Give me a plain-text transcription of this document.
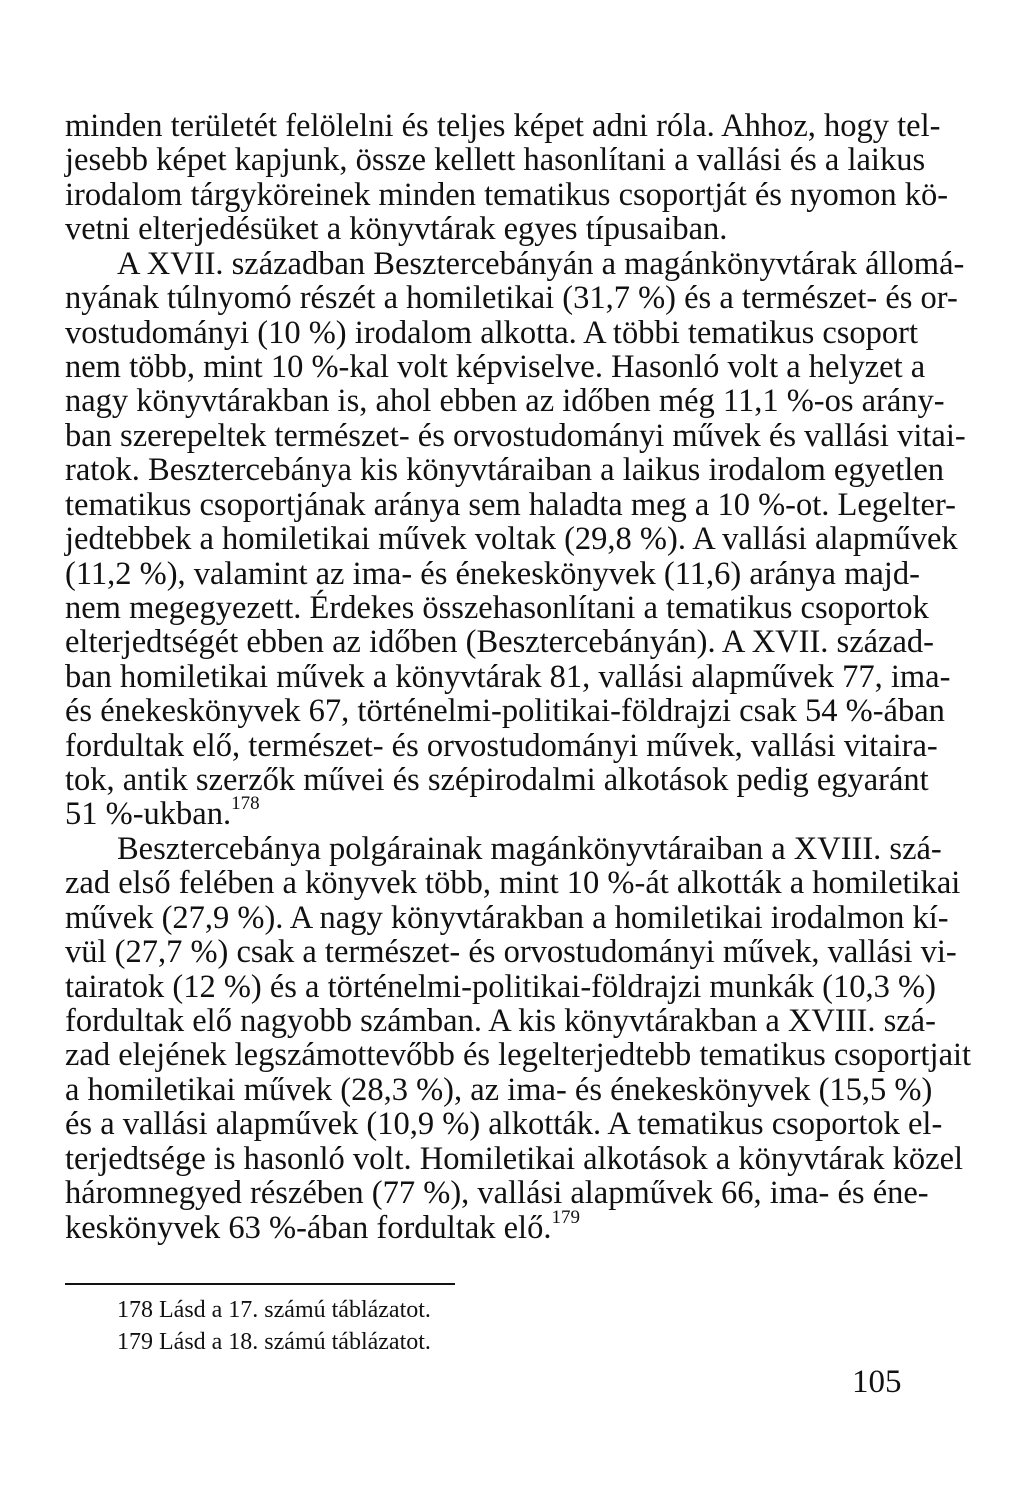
minden területét felölelni és teljes képet adni róla. Ahhoz, hogy tel-
jesebb képet kapjunk, össze kellett hasonlítani a vallási és a laikus
irodalom tárgyköreinek minden tematikus csoportját és nyomon kö-
vetni elterjedésüket a könyvtárak egyes típusaiban.
A XVII. században Besztercebányán a magánkönyvtárak állomá-
nyának túlnyomó részét a homiletikai (31,7 %) és a természet- és or-
vostudományi (10 %) irodalom alkotta. A többi tematikus csoport
nem több, mint 10 %-kal volt képviselve. Hasonló volt a helyzet a
nagy könyvtárakban is, ahol ebben az időben még 11,1 %-os arány-
ban szerepeltek természet- és orvostudományi művek és vallási vitai-
ratok. Besztercebánya kis könyvtáraiban a laikus irodalom egyetlen
tematikus csoportjának aránya sem haladta meg a 10 %-ot. Legelter-
jedtebbek a homiletikai művek voltak (29,8 %). A vallási alapművek
(11,2 %), valamint az ima- és énekeskönyvek (11,6) aránya majd-
nem megegyezett. Érdekes összehasonlítani a tematikus csoportok
elterjedtségét ebben az időben (Besztercebányán). A XVII. század-
ban homiletikai művek a könyvtárak 81, vallási alapművek 77, ima-
és énekeskönyvek 67, történelmi-politikai-földrajzi csak 54 %-ában
fordultak elő, természet- és orvostudományi művek, vallási vitaira-
tok, antik szerzők művei és szépirodalmi alkotások pedig egyaránt
51 %-ukban.$^{178}$
Besztercebánya polgárainak magánkönyvtáraiban a XVIII. szá-
zad első felében a könyvek több, mint 10 %-át alkották a homiletikai
művek (27,9 %). A nagy könyvtárakban a homiletikai irodalmon kí-
vül (27,7 %) csak a természet- és orvostudományi művek, vallási vi-
tairatok (12 %) és a történelmi-politikai-földrajzi munkák (10,3 %)
fordultak elő nagyobb számban. A kis könyvtárakban a XVIII. szá-
zad elejének legszámottevőbb és legelterjedtebb tematikus csoportjait
a homiletikai művek (28,3 %), az ima- és énekeskönyvek (15,5 %)
és a vallási alapművek (10,9 %) alkották. A tematikus csoportok el-
terjedtsége is hasonló volt. Homiletikai alkotások a könyvtárak közel
háromnegyed részében (77 %), vallási alapművek 66, ima- és éne-
keskönyvek 63 %-ában fordultak elő.$^{179}$
178 Lásd a 17. számú táblázatot.
179 Lásd a 18. számú táblázatot.
105
